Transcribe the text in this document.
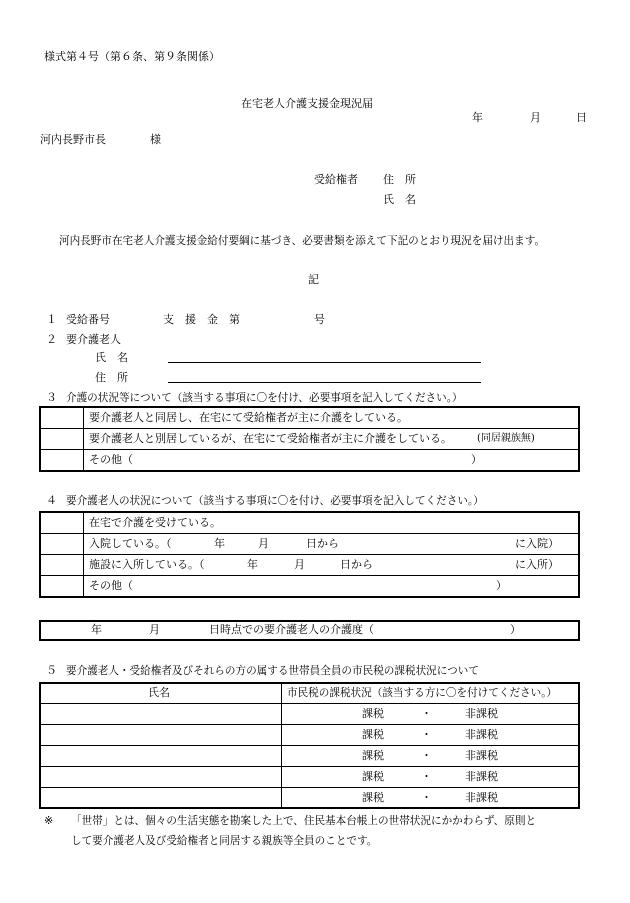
様式第４号（第６条、第９条関係）
在宅老人介護支援金現況届
年	月	日
河内長野市長	様
受給権者 住　所
氏　名
河内長野市在宅老人介護支援金給付要綱に基づき、必要書類を添えて下記のとおり現況を届け出ます。
記
１ 受給番号	支　援　金　第	号
２ 要介護老人
氏　名
住　所
３ 介護の状況等について（該当する事項に〇を付け、必要事項を記入してください。）
要介護老人と同居し、在宅にて受給権者が主に介護をしている。
要介護老人と別居しているが、在宅にて受給権者が主に介護をしている。	(同居親族無)
その他（	）
４ 要介護老人の状況について（該当する事項に〇を付け、必要事項を記入してください。）
在宅で介護を受けている。
入院している。（	年	月	日から	に入院）
施設に入所している。（	年	月	日から	に入所）
その他（	）
年	月	日時点での要介護老人の介護度（	）
５ 要介護老人・受給権者及びそれらの方の属する世帯員全員の市民税の課税状況について
氏名	市民税の課税状況（該当する方に〇を付けてください。）
課税	・	非課税
課税	・	非課税
課税	・	非課税
課税	・	非課税
課税	・	非課税
※ 「世帯」とは、個々の生活実態を勘案した上で、住民基本台帳上の世帯状況にかかわらず、原則と
して要介護老人及び受給権者と同居する親族等全員のことです。
